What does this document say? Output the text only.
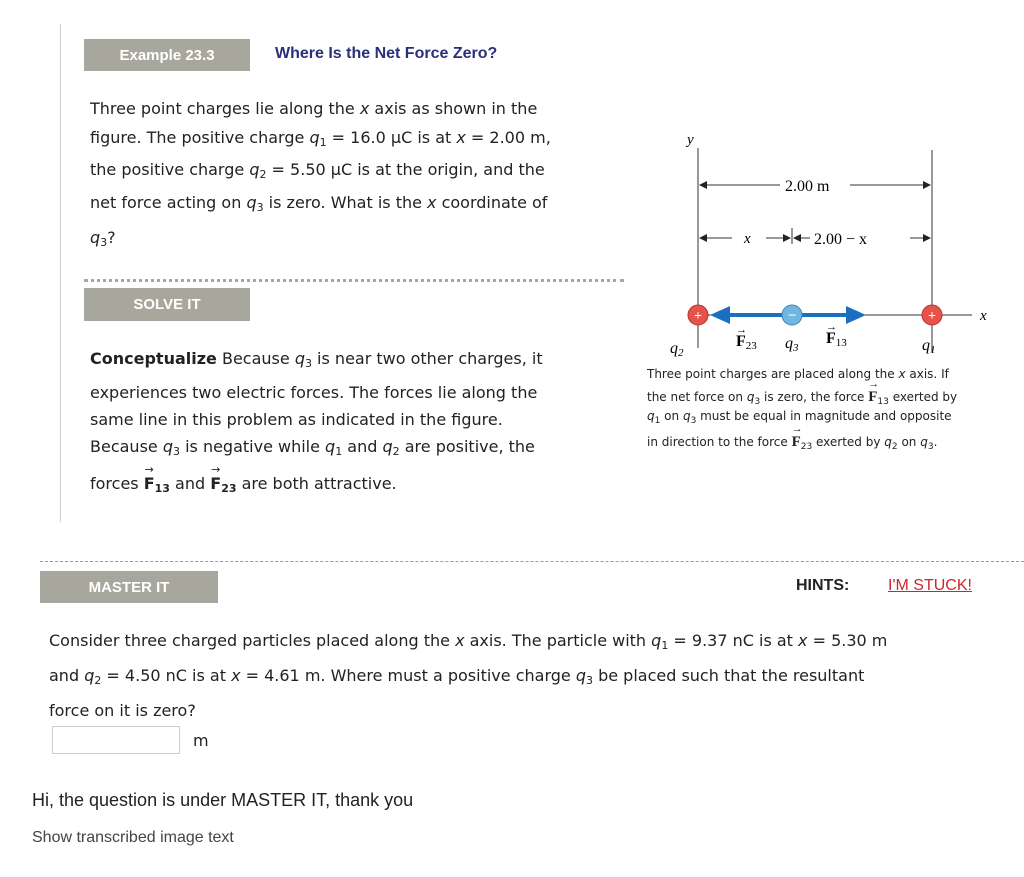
Example 23.3	Where Is the Net Force Zero?
Three point charges lie along the x axis as shown in the
figure. The positive charge $q_1 = 16.0$ μC is at x = 2.00 m,
the positive charge $q_2 = 5.50$ μC is at the origin, and the
net force acting on $q_3$ is zero. What is the x coordinate of
$q_3$?
SOLVE IT
Conceptualize Because $q_3$ is near two other charges, it
experiences two electric forces. The forces lie along the
same line in this problem as indicated in the figure.
Because $q_3$ is negative while $q_1$ and $q_2$ are positive, the
forces → $F_{13}$ and → $F_{23}$ are both attractive.
y
2.00 m
x	2.00 − x
x
+	−	+
q2
F23
→
q3
F13
→
q1
Three point charges are placed along the x axis. If
the net force on $q_3$ is zero, the force → $F_{13}$ exerted by
$q_1$ on $q_3$ must be equal in magnitude and opposite
in direction to the force → $F_{23}$ exerted by $q_2$ on $q_3$.
MASTER IT	HINTS: I'M STUCK!
Consider three charged particles placed along the x axis. The particle with $q_1 = 9.37$ nC is at x = 5.30 m
and $q_2 = 4.50$ nC is at x = 4.61 m. Where must a positive charge $q_3$ be placed such that the resultant
force on it is zero?
m
Hi, the question is under MASTER IT, thank you
Show transcribed image text
